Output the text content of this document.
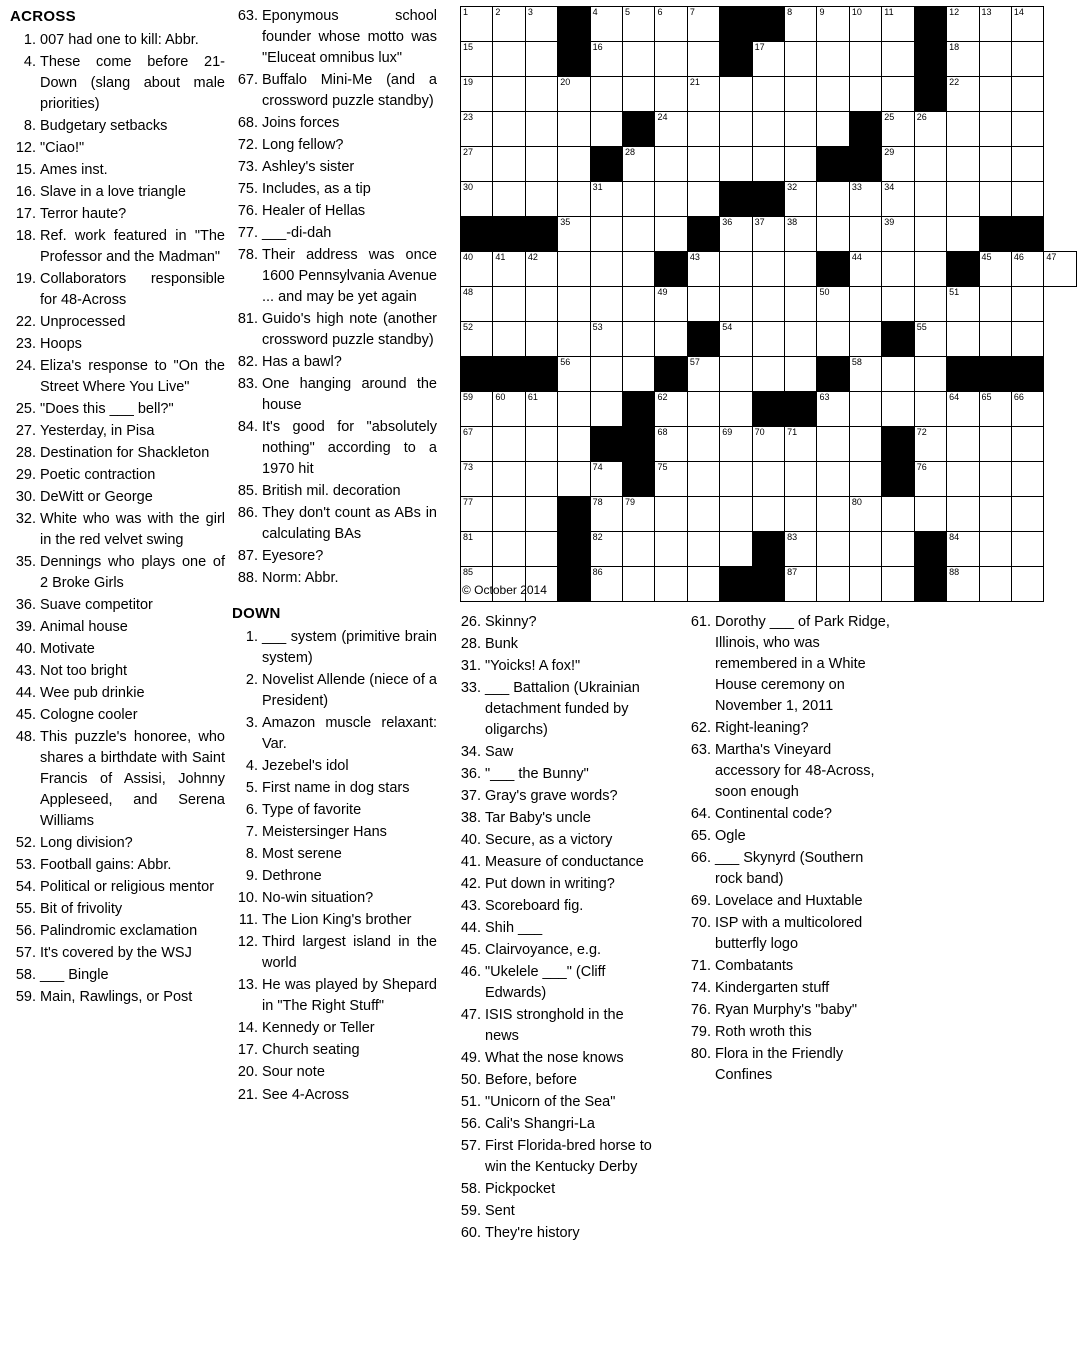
ACROSS
1. 007 had one to kill: Abbr.
4. These come before 21-Down (slang about male priorities)
8. Budgetary setbacks
12. "Ciao!"
15. Ames inst.
16. Slave in a love triangle
17. Terror haute?
18. Ref. work featured in "The Professor and the Madman"
19. Collaborators responsible for 48-Across
22. Unprocessed
23. Hoops
24. Eliza's response to "On the Street Where You Live"
25. "Does this ___ bell?"
27. Yesterday, in Pisa
28. Destination for Shackleton
29. Poetic contraction
30. DeWitt or George
32. White who was with the girl in the red velvet swing
35. Dennings who plays one of 2 Broke Girls
36. Suave competitor
39. Animal house
40. Motivate
43. Not too bright
44. Wee pub drinkie
45. Cologne cooler
48. This puzzle's honoree, who shares a birthdate with Saint Francis of Assisi, Johnny Appleseed, and Serena Williams
52. Long division?
53. Football gains: Abbr.
54. Political or religious mentor
55. Bit of frivolity
56. Palindromic exclamation
57. It's covered by the WSJ
58. ___ Bingle
59. Main, Rawlings, or Post
63. Eponymous school founder whose motto was "Eluceat omnibus lux"
67. Buffalo Mini-Me (and a crossword puzzle standby)
68. Joins forces
72. Long fellow?
73. Ashley's sister
75. Includes, as a tip
76. Healer of Hellas
77. ___-di-dah
78. Their address was once 1600 Pennsylvania Avenue ... and may be yet again
81. Guido's high note (another crossword puzzle standby)
82. Has a bawl?
83. One hanging around the house
84. It's good for "absolutely nothing" according to a 1970 hit
85. British mil. decoration
86. They don't count as ABs in calculating BAs
87. Eyesore?
88. Norm: Abbr.
DOWN
1. ___ system (primitive brain system)
2. Novelist Allende (niece of a President)
3. Amazon muscle relaxant: Var.
4. Jezebel's idol
5. First name in dog stars
6. Type of favorite
7. Meistersinger Hans
8. Most serene
9. Dethrone
10. No-win situation?
11. The Lion King's brother
12. Third largest island in the world
13. He was played by Shepard in "The Right Stuff"
14. Kennedy or Teller
17. Church seating
20. Sour note
21. See 4-Across
26. Skinny?
28. Bunk
31. "Yoicks! A fox!"
33. ___ Battalion (Ukrainian detachment funded by oligarchs)
34. Saw
36. "___ the Bunny"
37. Gray's grave words?
38. Tar Baby's uncle
40. Secure, as a victory
41. Measure of conductance
42. Put down in writing?
43. Scoreboard fig.
44. Shih ___
45. Clairvoyance, e.g.
46. "Ukelele ___" (Cliff Edwards)
47. ISIS stronghold in the news
49. What the nose knows
50. Before, before
51. "Unicorn of the Sea"
56. Cali's Shangri-La
57. First Florida-bred horse to win the Kentucky Derby
58. Pickpocket
59. Sent
60. They're history
61. Dorothy ___ of Park Ridge, Illinois, who was remembered in a White House ceremony on November 1, 2011
62. Right-leaning?
63. Martha's Vineyard accessory for 48-Across, soon enough
64. Continental code?
65. Ogle
66. ___ Skynyrd (Southern rock band)
69. Lovelace and Huxtable
70. ISP with a multicolored butterfly logo
71. Combatants
74. Kindergarten stuff
76. Ryan Murphy's "baby"
79. Roth wroth this
80. Flora in the Friendly Confines
1	2	3		4	5	6	7			8	9	10	11		12	13	14	

15				16					17						18			

19			20				21								22			

23						24							25	26				

27					28								29					

30				31						32		33	34					

			35					36	37	38			39					

40	41	42					43					44				45	46	47

48						49					50				51			

52				53				54						55				

			56				57					58						

59	60	61				62					63				64	65	66	

67						68		69	70	71				72				

73				74		75								76				

77				78	79							80						

81				82						83					84			

85				86						87					88			

© October 2014
